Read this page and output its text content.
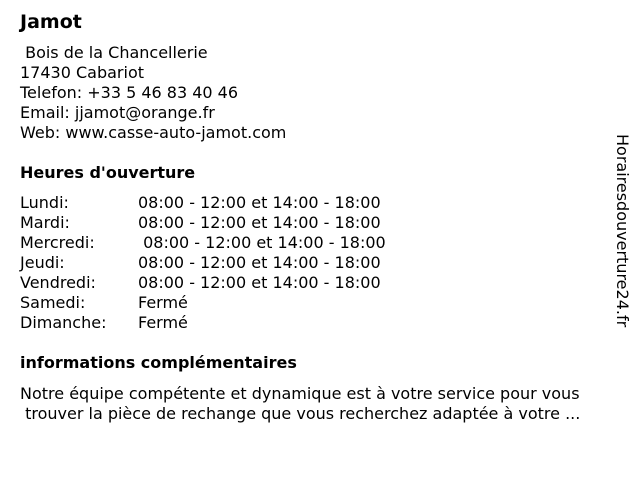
Jamot
Bois de la Chancellerie
17430 Cabariot
Telefon: +33 5 46 83 40 46
Email: jjamot@orange.fr
Web: www.casse-auto-jamot.com
Heures d'ouverture
Lundi:	08:00 - 12:00 et 14:00 - 18:00
Mardi:	08:00 - 12:00 et 14:00 - 18:00
Mercredi:	08:00 - 12:00 et 14:00 - 18:00
Jeudi:	08:00 - 12:00 et 14:00 - 18:00
Vendredi:	08:00 - 12:00 et 14:00 - 18:00
Samedi:	Fermé
Dimanche:	Fermé
informations complémentaires
Notre équipe compétente et dynamique est à votre service pour vous
trouver la pièce de rechange que vous recherchez adaptée à votre ...
Horairesdouverture24.fr
